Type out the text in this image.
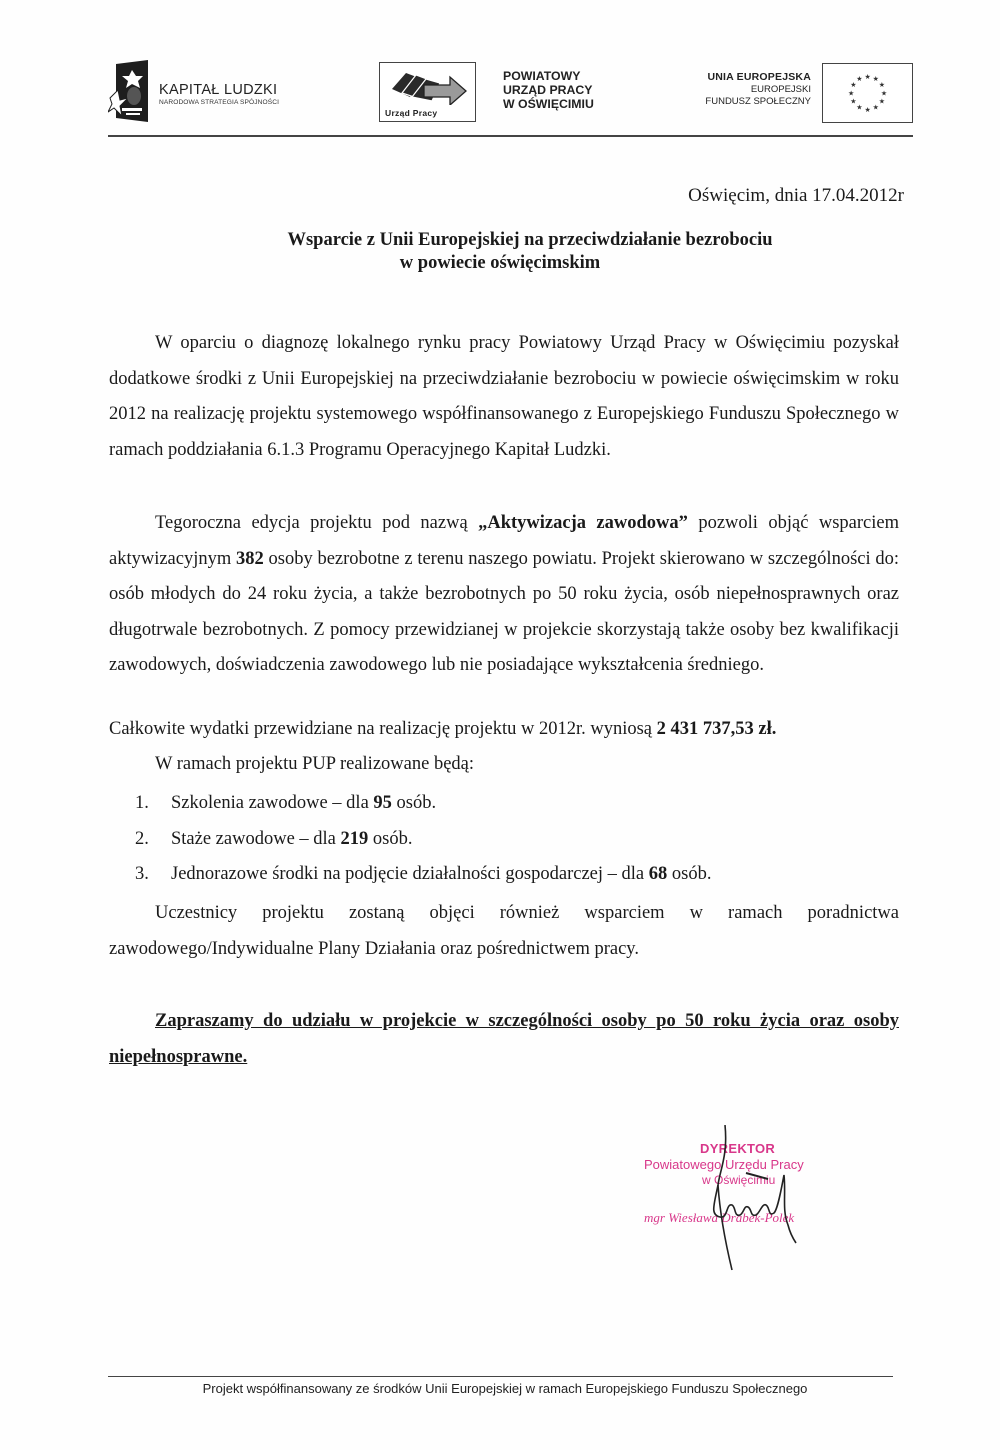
KAPITAŁ LUDZKI
NARODOWA STRATEGIA SPÓJNOŚCI
Urząd Pracy
POWIATOWY
URZĄD PRACY
W OŚWIĘCIMIU
UNIA EUROPEJSKA
EUROPEJSKI
FUNDUSZ SPOŁECZNY
★ ★
★
★
★
★
★
★
★
★
★
★
Oświęcim, dnia 17.04.2012r
Wsparcie z Unii Europejskiej na przeciwdziałanie bezrobociu
w powiecie oświęcimskim
W oparciu o diagnozę lokalnego rynku pracy Powiatowy Urząd Pracy w Oświęcimiu pozyskał dodatkowe środki z Unii Europejskiej na przeciwdziałanie bezrobociu w powiecie oświęcimskim w roku 2012 na realizację projektu systemowego współfinansowanego z Europejskiego Funduszu Społecznego w ramach poddziałania 6.1.3 Programu Operacyjnego Kapitał Ludzki.
Tegoroczna edycja projektu pod nazwą „Aktywizacja zawodowa” pozwoli objąć wsparciem aktywizacyjnym 382 osoby bezrobotne z terenu naszego powiatu. Projekt skierowano w szczególności do: osób młodych do 24 roku życia, a także bezrobotnych po 50 roku życia, osób niepełnosprawnych oraz długotrwale bezrobotnych. Z pomocy przewidzianej w projekcie skorzystają także osoby bez kwalifikacji zawodowych, doświadczenia zawodowego lub nie posiadające wykształcenia średniego.
Całkowite wydatki przewidziane na realizację projektu w 2012r. wyniosą 2 431 737,53 zł.
W ramach projektu PUP realizowane będą:
1. Szkolenia zawodowe – dla 95 osób.
2. Staże zawodowe – dla 219 osób.
3. Jednorazowe środki na podjęcie działalności gospodarczej – dla 68 osób.
Uczestnicy projektu zostaną objęci również wsparciem w ramach poradnictwa zawodowego/Indywidualne Plany Działania oraz pośrednictwem pracy.
Zapraszamy do udziału w projekcie w szczególności osoby po 50 roku życia oraz osoby niepełnosprawne.
DYREKTOR
Powiatowego Urzędu Pracy
w Oświęcimiu
mgr Wiesława Drabek-Polek
Projekt współfinansowany ze środków Unii Europejskiej w ramach Europejskiego Funduszu Społecznego
